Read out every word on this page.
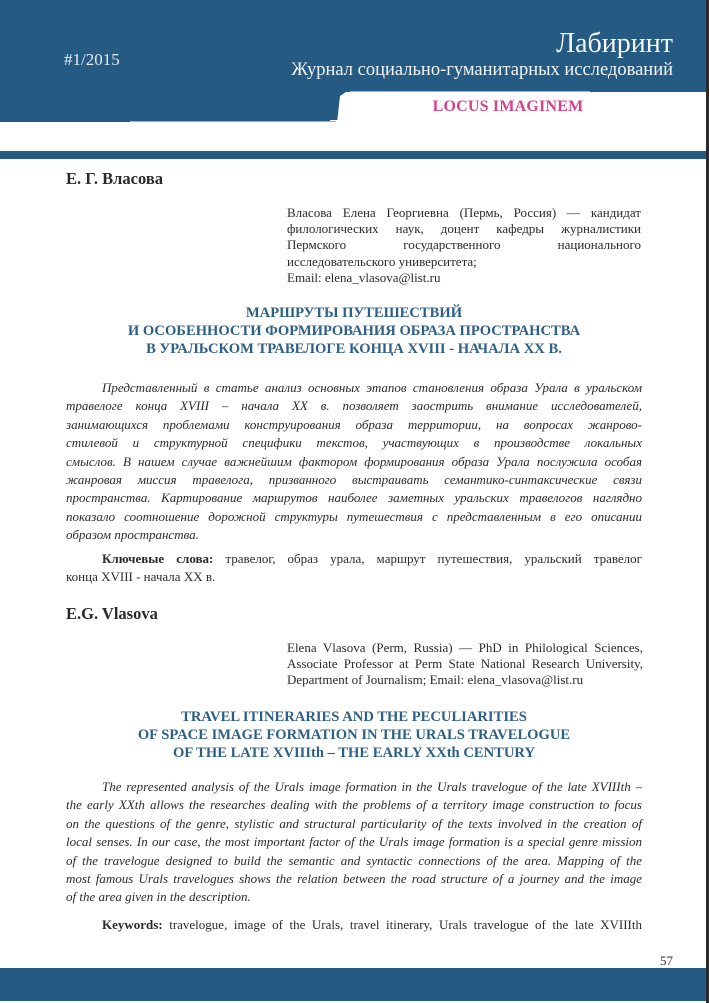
#1/2015
Лабиринт
Журнал социально-гуманитарных исследований
LOCUS IMAGINEM
Е. Г. Власова
Власова Елена Георгиевна (Пермь, Россия) — кандидат
филологических наук, доцент кафедры журналистики
Пермского государственного национального
исследовательского университета;
Email: elena_vlasova@list.ru
МАРШРУТЫ ПУТЕШЕСТВИЙ
И ОСОБЕННОСТИ ФОРМИРОВАНИЯ ОБРАЗА ПРОСТРАНСТВА
В УРАЛЬСКОМ ТРАВЕЛОГЕ КОНЦА XVIII - НАЧАЛА XX В.
Представленный в статье анализ основных этапов становления образа Урала в уральском
травелоге конца XVIII – начала XX в. позволяет заострить внимание исследователей,
занимающихся проблемами конструирования образа территории, на вопросах жанрово-
стилевой и структурной специфики текстов, участвующих в производстве локальных
смыслов. В нашем случае важнейшим фактором формирования образа Урала послужила особая
жанровая миссия травелога, призванного выстраивать семантико-синтаксические связи
пространства. Картирование маршрутов наиболее заметных уральских травелогов наглядно
показало соотношение дорожной структуры путешествия с представленным в его описании
образом пространства.
Ключевые слова: травелог, образ урала, маршрут путешествия, уральский травелог
конца XVIII - начала XX в.
E.G. Vlasova
Elena Vlasova (Perm, Russia) — PhD in Philological Sciences,
Associate Professor at Perm State National Research University,
Department of Journalism; Email: elena_vlasova@list.ru
TRAVEL ITINERARIES AND THE PECULIARITIES
OF SPACE IMAGE FORMATION IN THE URALS TRAVELOGUE
OF THE LATE XVIIIth – THE EARLY XXth CENTURY
The represented analysis of the Urals image formation in the Urals travelogue of the late XVIIIth –
the early XXth allows the researches dealing with the problems of a territory image construction to focus
on the questions of the genre, stylistic and structural particularity of the texts involved in the creation of
local senses. In our case, the most important factor of the Urals image formation is a special genre mission
of the travelogue designed to build the semantic and syntactic connections of the area. Mapping of the
most famous Urals travelogues shows the relation between the road structure of a journey and the image
of the area given in the description.
Keywords: travelogue, image of the Urals, travel itinerary, Urals travelogue of the late XVIIIth
57
